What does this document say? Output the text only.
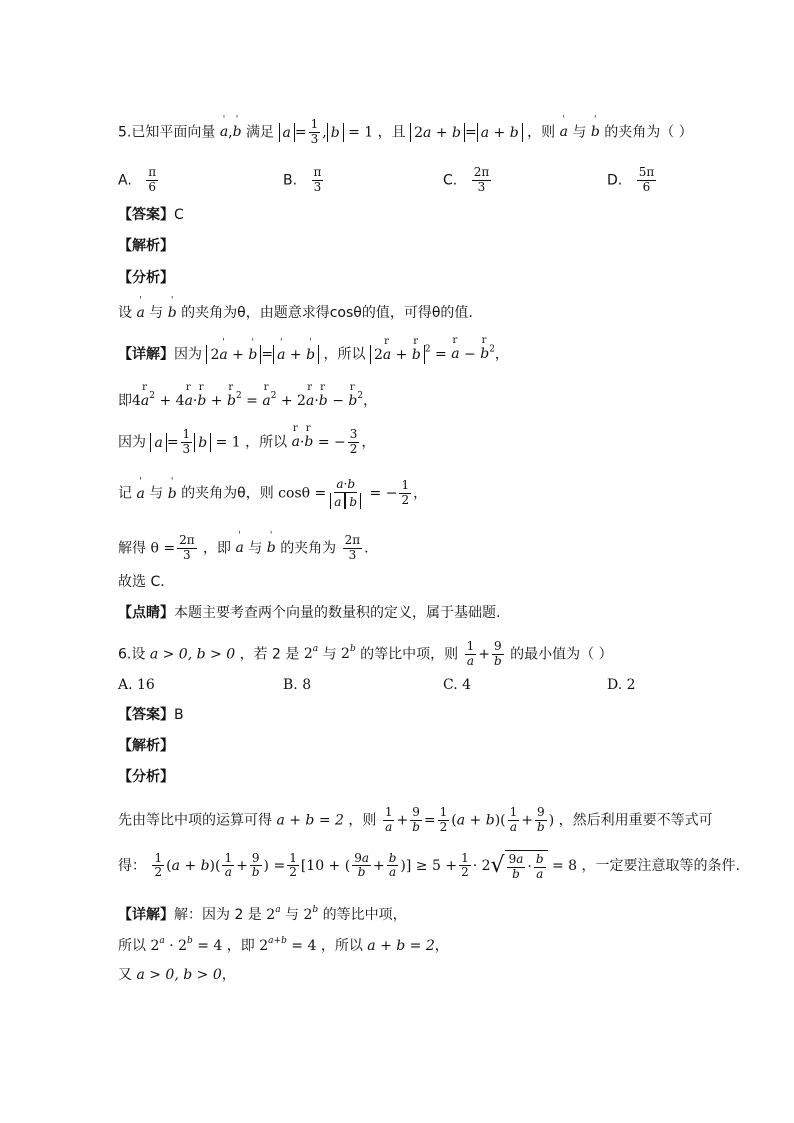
5.已知平面向量 ' a,' b 满足 $a = \frac{1}{3}$ , b = 1 ，且 2a + b = a + b ，则 ' a 与 ' b 的夹角为（ ）
A. $\frac{\pi}{6}$	B. $\frac{\pi}{3}$	C. $\frac{2\pi}{3}$	D. $\frac{5\pi}{6}$
【答案】C
【解析】
【分析】
设 ' a 与 ' b 的夹角为θ，由题意求得cosθ的值，可得θ的值.
【详解】因为 2' a + ' b = ' a + ' b ，所以 2r a + r b $^2$ = r a − r $b^2$，
即4r $a^2 + 4r$ a·r b + r $b^2 = r$ $a^2 + 2r$ a·r b − r $b^2$，
因为 $a = \frac{1}{3}$ b = 1 ，所以 r a·r b = − $\frac{3}{2}$ ，
记 ' a 与 ' b 的夹角为θ，则 $\cos\theta = \frac{a\cdot b}{\text{a b}}$ = − $\frac{1}{2}$ ，
解得 $\theta = \frac{2\pi}{3}$ ，即 ' a 与 ' b 的夹角为 $\frac{2\pi}{3}$ .
故选 C.
【点睛】本题主要考查两个向量的数量积的定义，属于基础题.
6.设 a > 0, b > 0 ，若 2 是 2$^a$ 与 2$^b$ 的等比中项，则 $\frac{1}{a} + \frac{9}{b}$ 的最小值为（ ）
A. 16	B. 8	C. 4	D. 2
【答案】B
【解析】
【分析】
先由等比中项的运算可得 a + b = 2 ，则 $\frac{1}{a} + \frac{9}{b} = \frac{1}{2} (a + b)( \frac{1}{a} + \frac{9}{b}$ ) ，然后利用重要不等式可
得： $\frac{1}{2} (a + b)( \frac{1}{a} + \frac{9}{b}$ ) = $\frac{1}{2} [10$ + ( $\frac{9a}{b} + \frac{b}{a}$ )] ≥ $5 + \frac{1}{2} \cdot 2$ √ $\frac{9a}{b} \cdot \frac{b}{a} = 8$ ，一定要注意取等的条件.
【详解】解：因为 2 是 2$^a$ 与 2$^b$ 的等比中项，
所以 $2^a \cdot 2^b = 4$ ，即 $2^{a+b} = 4$ ，所以 a + b = 2，
又 a > 0, b > 0，
